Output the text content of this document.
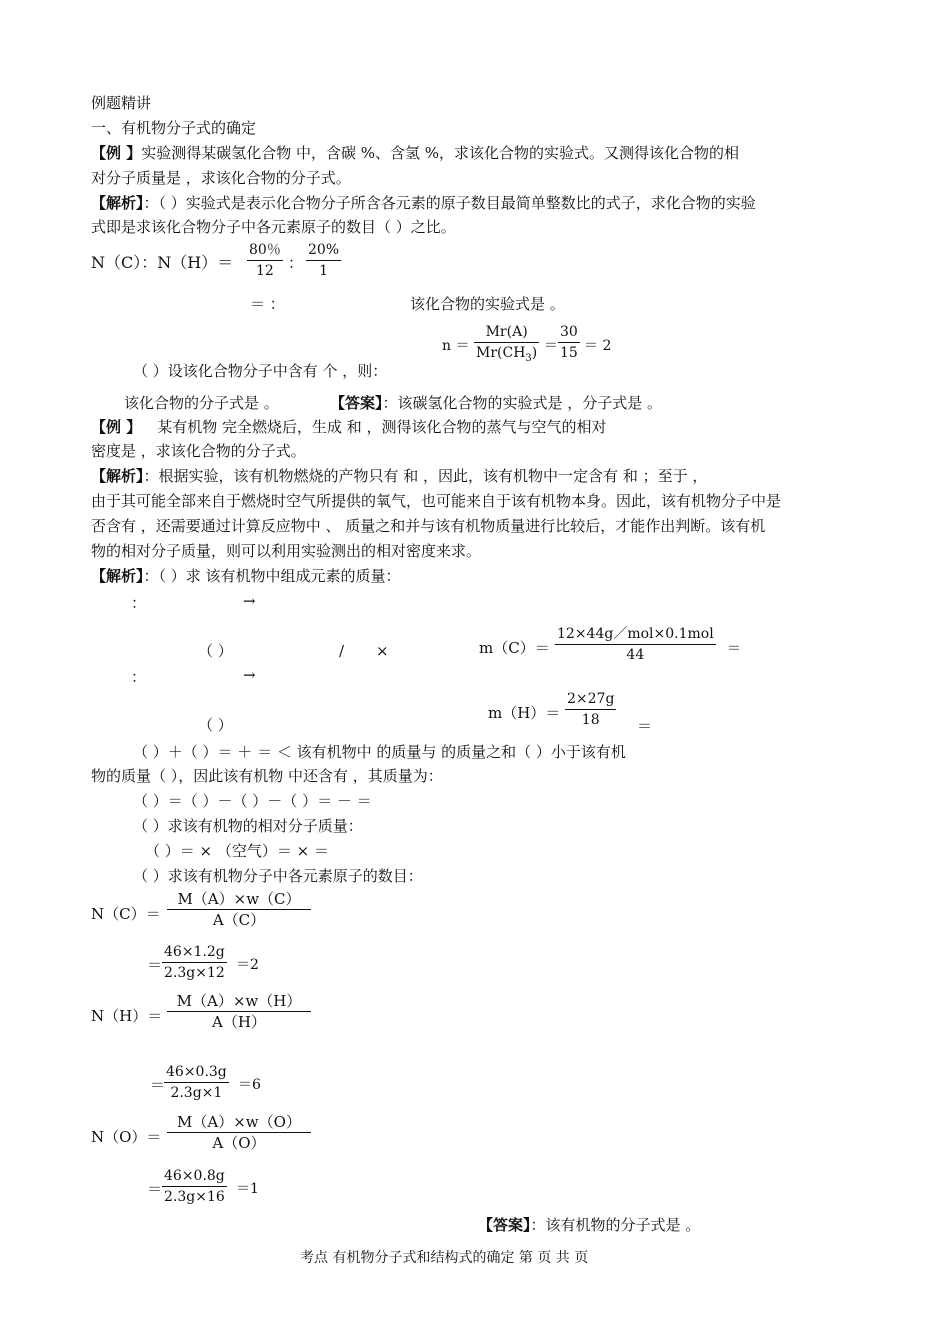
例题精讲
一、有机物分子式的确定
【例 】实验测得某碳氢化合物 中，含碳 %、含氢 %，求该化合物的实验式。又测得该化合物的相
对分子质量是 ，求该化合物的分子式。
【解析】：（ ）实验式是表示化合物分子所含各元素的原子数目最简单整数比的式子，求化合物的实验
式即是求该化合物分子中各元素原子的数目（ ）之比。
N（C）：$N(H)= \frac{80\%}{12}$ ： $\frac{20\%}{1}$
＝ ：	该化合物的实验式是 。
$n = \frac{Mr(A)}{Mr(CH_3)} = \frac{30}{15} = 2$
（ ）设该化合物分子中含有 个 ，则：
该化合物的分子式是 。	【答案】：该碳氢化合物的实验式是 ，分子式是 。
【例 】 某有机物 完全燃烧后，生成 和 ，测得该化合物的蒸气与空气的相对
密度是 ，求该化合物的分子式。
【解析】：根据实验，该有机物燃烧的产物只有 和 ，因此，该有机物中一定含有 和 ；至于 ，
由于其可能全部来自于燃烧时空气所提供的氧气，也可能来自于该有机物本身。因此，该有机物分子中是
否含有 ，还需要通过计算反应物中 、 质量之和并与该有机物质量进行比较后，才能作出判断。该有机
物的相对分子质量，则可以利用实验测出的相对密度来求。
【解析】：（ ）求 该有机物中组成元素的质量：
：	→
（ ）	/ ×	m（C）＝
12×44g／mol×0.1mol
44	＝
：	→
（ ）
$m(H)= \frac{2\times 27g}{18}$ ＝
（ ）＋（ ）＝ ＋ ＝ ＜ 该有机物中 的质量与 的质量之和（ ）小于该有机
物的质量（ ），因此该有机物 中还含有 ，其质量为：
（ ）＝（ ）－（ ）－（ ）＝ － ＝
（ ）求该有机物的相对分子质量：
（ ）＝ × （空气）＝ × ＝
（ ）求该有机物分子中各元素原子的数目：
$N(C)= \frac{M(A)\times w(C)}{A(C)}$
＝ $\frac{46\times 1.2g}{2.3g\times 12} =2$
$N(H)= \frac{M(A)\times w(H)}{A(H)}$
＝
$\frac{46\times 0.3g}{2.3g\times 1} =6$
$N(O)= \frac{M(A)\times w(O)}{A(O)}$
＝ $\frac{46\times 0.8g}{2.3g\times 16} =1$
【答案】：该有机物的分子式是 。
考点 有机物分子式和结构式的确定 第 页 共 页
